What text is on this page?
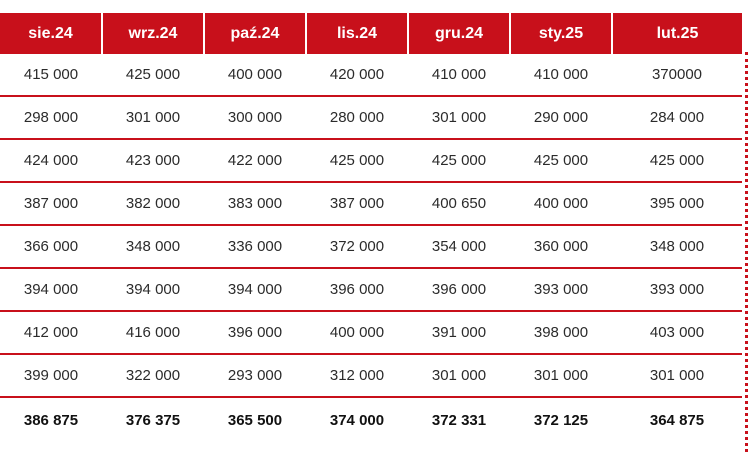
sie.24	wrz.24	paź.24	lis.24	gru.24	sty.25	lut.25
415 000	425 000	400 000	420 000	410 000	410 000	370000
298 000	301 000	300 000	280 000	301 000	290 000	284 000
424 000	423 000	422 000	425 000	425 000	425 000	425 000
387 000	382 000	383 000	387 000	400 650	400 000	395 000
366 000	348 000	336 000	372 000	354 000	360 000	348 000
394 000	394 000	394 000	396 000	396 000	393 000	393 000
412 000	416 000	396 000	400 000	391 000	398 000	403 000
399 000	322 000	293 000	312 000	301 000	301 000	301 000
386 875	376 375	365 500	374 000	372 331	372 125	364 875
